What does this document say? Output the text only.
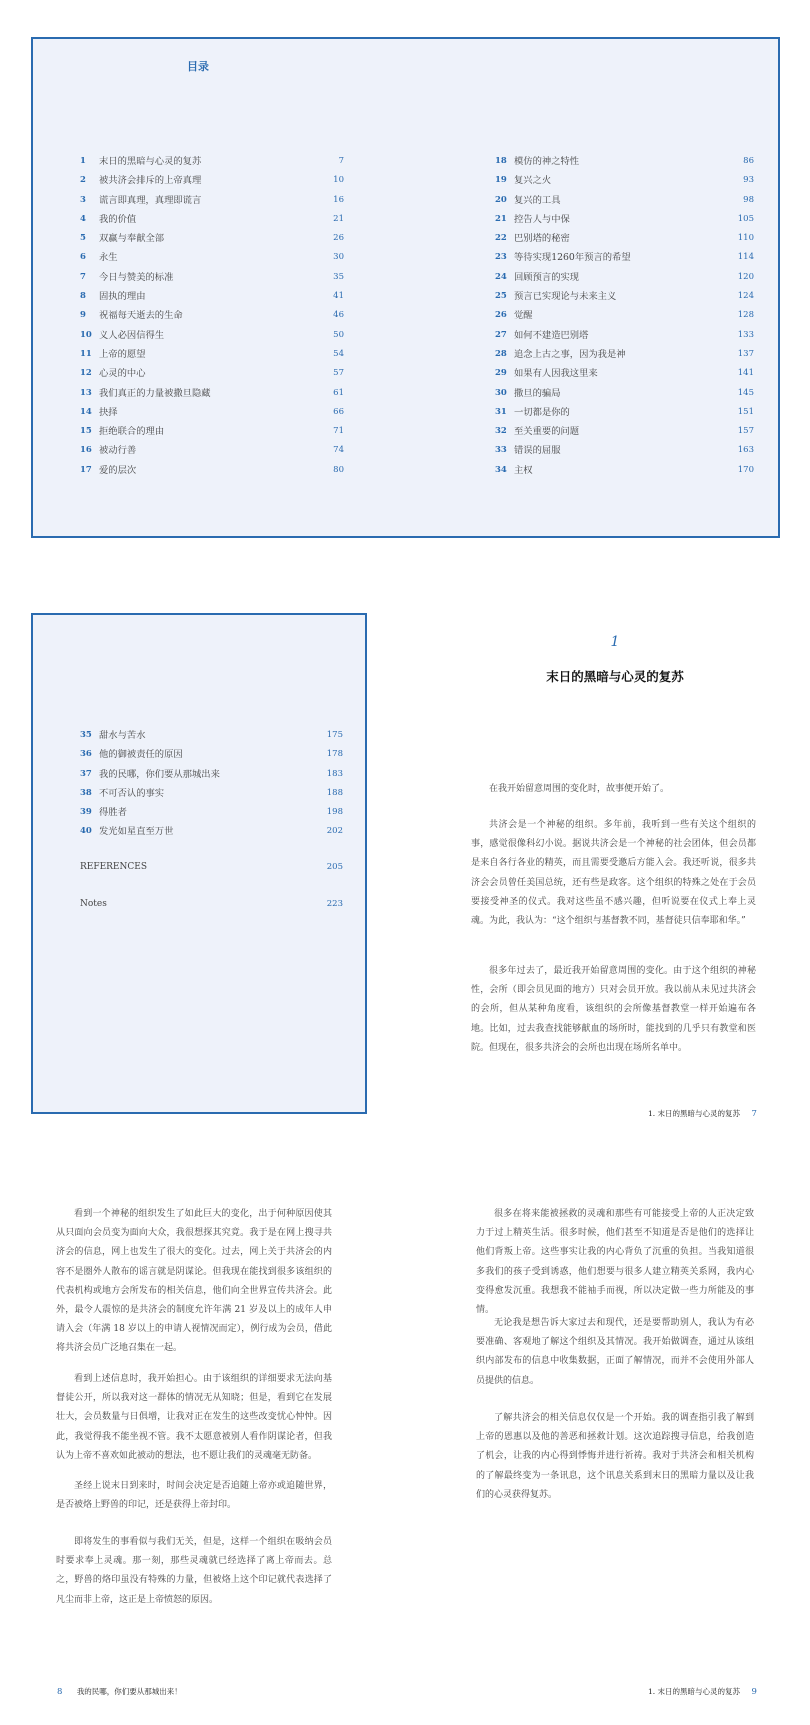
目录
1 末日的黑暗与心灵的复苏	7
2 被共济会排斥的上帝真理	10
3 谎言即真理，真理即谎言	16
4 我的价值	21
5 双赢与奉献全部	26
6 永生	30
7 今日与赞美的标准	35
8 固执的理由	41
9 祝福每天逝去的生命	46
10 义人必因信得生	50
11 上帝的愿望	54
12 心灵的中心	57
13 我们真正的力量被撒旦隐藏	61
14 抉择	66
15 拒绝联合的理由	71
16 被动行善	74
17 爱的层次	80
18 模仿的神之特性	86
19 复兴之火	93
20 复兴的工具	98
21 控告人与中保	105
22 巴别塔的秘密	110
23 等待实现1260年预言的希望	114
24 回顾预言的实现	120
25 预言已实现论与未来主义	124
26 觉醒	128
27 如何不建造巴别塔	133
28 追念上古之事，因为我是神	137
29 如果有人因我这里来	141
30 撒旦的骗局	145
31 一切都是你的	151
32 至关重要的问题	157
33 错误的屈服	163
34 主权	170
35 甜水与苦水	175
36 他的御被责任的原因	178
37 我的民哪，你们要从那城出来	183
38 不可否认的事实	188
39 得胜者	198
40 发光如星直至万世	202
REFERENCES	205
Notes	223
1
末日的黑暗与心灵的复苏

在我开始留意周围的变化时，故事便开始了。

共济会是一个神秘的组织。多年前，我听到一些有关这个组织的事，感觉很像科幻小说。据说共济会是一个神秘的社会团体，但会员都是来自各行各业的精英，而且需要受邀后方能入会。我还听说，很多共济会会员曾任美国总统，还有些是政客。这个组织的特殊之处在于会员要接受神圣的仪式。我对这些虽不感兴趣，但听说要在仪式上奉上灵魂。为此，我认为：“这个组织与基督教不同，基督徒只信奉耶和华。”

很多年过去了，最近我开始留意周围的变化。由于这个组织的神秘性，会所（即会员见面的地方）只对会员开放。我以前从未见过共济会的会所，但从某种角度看，该组织的会所像基督教堂一样开始遍布各地。比如，过去我查找能够献血的场所时，能找到的几乎只有教堂和医院。但现在，很多共济会的会所也出现在场所名单中。

1. 末日的黑暗与心灵的复苏 7

看到一个神秘的组织发生了如此巨大的变化，出于何种原因使其从只面向会员变为面向大众，我很想探其究竟。我于是在网上搜寻共济会的信息，网上也发生了很大的变化。过去，网上关于共济会的内容不是圈外人散布的谣言就是阴谋论。但我现在能找到很多该组织的代表机构或地方会所发布的相关信息，他们向全世界宣传共济会。此外，最令人震惊的是共济会的制度允许年满 21 岁及以上的成年人申请入会（年满 18 岁以上的申请人视情况而定），例行成为会员，借此将共济会员广泛地召集在一起。

看到上述信息时，我开始担心。由于该组织的详细要求无法向基督徒公开，所以我对这一群体的情况无从知晓；但是，看到它在发展壮大，会员数量与日俱增，让我对正在发生的这些改变忧心忡忡。因此，我觉得我不能坐视不管。我不太愿意被别人看作阴谋论者，但我认为上帝不喜欢如此被动的想法，也不愿让我们的灵魂毫无防备。

圣经上说末日到来时，时间会决定是否追随上帝亦或追随世界，是否被烙上野兽的印记，还是获得上帝封印。

即将发生的事看似与我们无关，但是，这样一个组织在吸纳会员时要求奉上灵魂。那一刻，那些灵魂就已经选择了离上帝而去。总之，野兽的烙印虽没有特殊的力量，但被烙上这个印记就代表选择了凡尘而非上帝，这正是上帝愤怒的原因。

8 我的民哪，你们要从那城出来！

很多在将来能被拯救的灵魂和那些有可能接受上帝的人正决定致力于过上精英生活。很多时候，他们甚至不知道是否是他们的选择让他们背叛上帝。这些事实让我的内心背负了沉重的负担。当我知道很多我们的孩子受到诱惑，他们想要与很多人建立精英关系网，我内心变得愈发沉重。我想我不能袖手而视，所以决定做一些力所能及的事情。

无论我是想告诉大家过去和现代，还是要帮助别人，我认为有必要准确、客观地了解这个组织及其情况。我开始做调查，通过从该组织内部发布的信息中收集数据，正面了解情况，而并不会使用外部人员提供的信息。

了解共济会的相关信息仅仅是一个开始。我的调查指引我了解到上帝的恩惠以及他的善恶和拯救计划。这次追踪搜寻信息，给我创造了机会，让我的内心得到悸悔并进行祈祷。我对于共济会和相关机构的了解最终变为一条讯息，这个讯息关系到末日的黑暗力量以及让我们的心灵获得复苏。

1. 末日的黑暗与心灵的复苏 9
